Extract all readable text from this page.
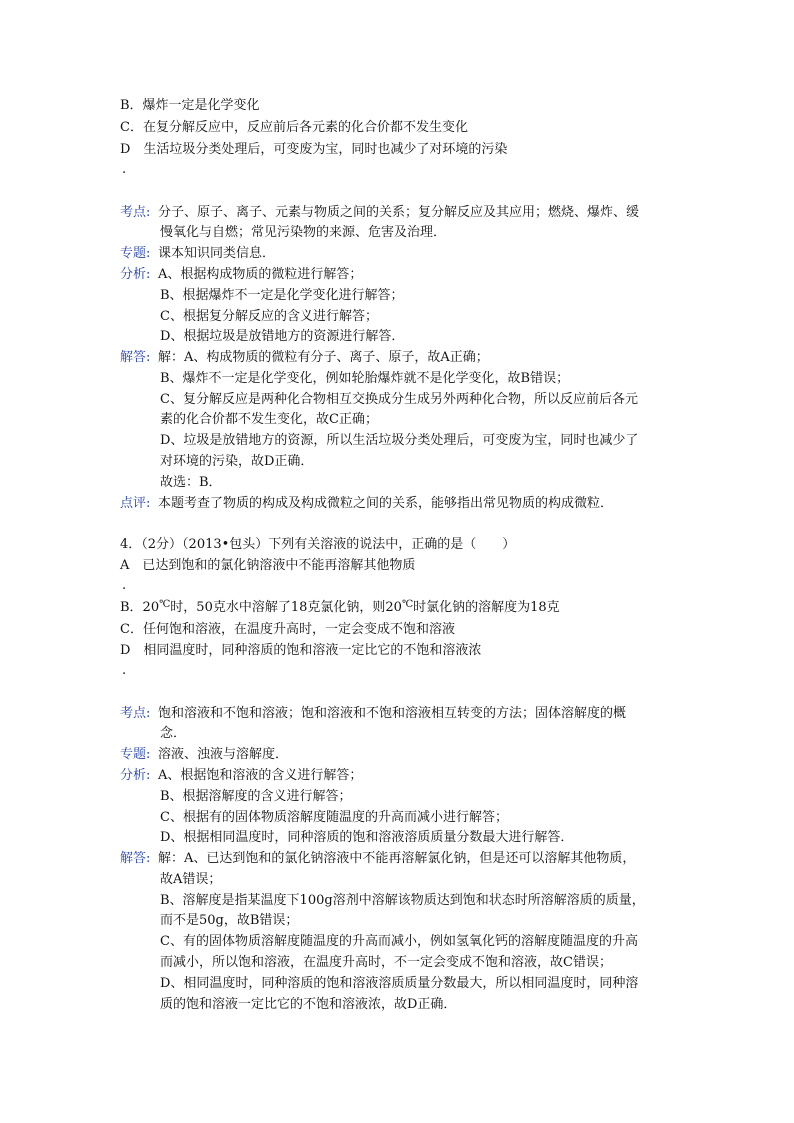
B．爆炸一定是化学变化
C．在复分解反应中，反应前后各元素的化合价都不发生变化
D　生活垃圾分类处理后，可变废为宝，同时也减少了对环境的污染
.
考点: 分子、原子、离子、元素与物质之间的关系；复分解反应及其应用；燃烧、爆炸、缓
慢氧化与自燃；常见污染物的来源、危害及治理．
专题: 课本知识同类信息．
分析: A、根据构成物质的微粒进行解答；
B、根据爆炸不一定是化学变化进行解答；
C、根据复分解反应的含义进行解答；
D、根据垃圾是放错地方的资源进行解答．
解答: 解：A、构成物质的微粒有分子、离子、原子，故A正确；
B、爆炸不一定是化学变化，例如轮胎爆炸就不是化学变化，故B错误；
C、复分解反应是两种化合物相互交换成分生成另外两种化合物，所以反应前后各元
素的化合价都不发生变化，故C正确；
D、垃圾是放错地方的资源，所以生活垃圾分类处理后，可变废为宝，同时也减少了
对环境的污染，故D正确．
故选：B．
点评: 本题考查了物质的构成及构成微粒之间的关系，能够指出常见物质的构成微粒．
4．（2分）（2013•包头）下列有关溶液的说法中，正确的是（　　）
A　已达到饱和的氯化钠溶液中不能再溶解其他物质
.
B．20℃时，50克水中溶解了18克氯化钠，则20℃时氯化钠的溶解度为18克
C．任何饱和溶液，在温度升高时，一定会变成不饱和溶液
D　相同温度时，同种溶质的饱和溶液一定比它的不饱和溶液浓
.
考点: 饱和溶液和不饱和溶液；饱和溶液和不饱和溶液相互转变的方法；固体溶解度的概
念．
专题: 溶液、浊液与溶解度．
分析: A、根据饱和溶液的含义进行解答；
B、根据溶解度的含义进行解答；
C、根据有的固体物质溶解度随温度的升高而减小进行解答；
D、根据相同温度时，同种溶质的饱和溶液溶质质量分数最大进行解答．
解答: 解：A、已达到饱和的氯化钠溶液中不能再溶解氯化钠，但是还可以溶解其他物质，
故A错误；
B、溶解度是指某温度下100g溶剂中溶解该物质达到饱和状态时所溶解溶质的质量，
而不是50g，故B错误；
C、有的固体物质溶解度随温度的升高而减小，例如氢氧化钙的溶解度随温度的升高
而减小，所以饱和溶液，在温度升高时，不一定会变成不饱和溶液，故C错误；
D、相同温度时，同种溶质的饱和溶液溶质质量分数最大，所以相同温度时，同种溶
质的饱和溶液一定比它的不饱和溶液浓，故D正确．
